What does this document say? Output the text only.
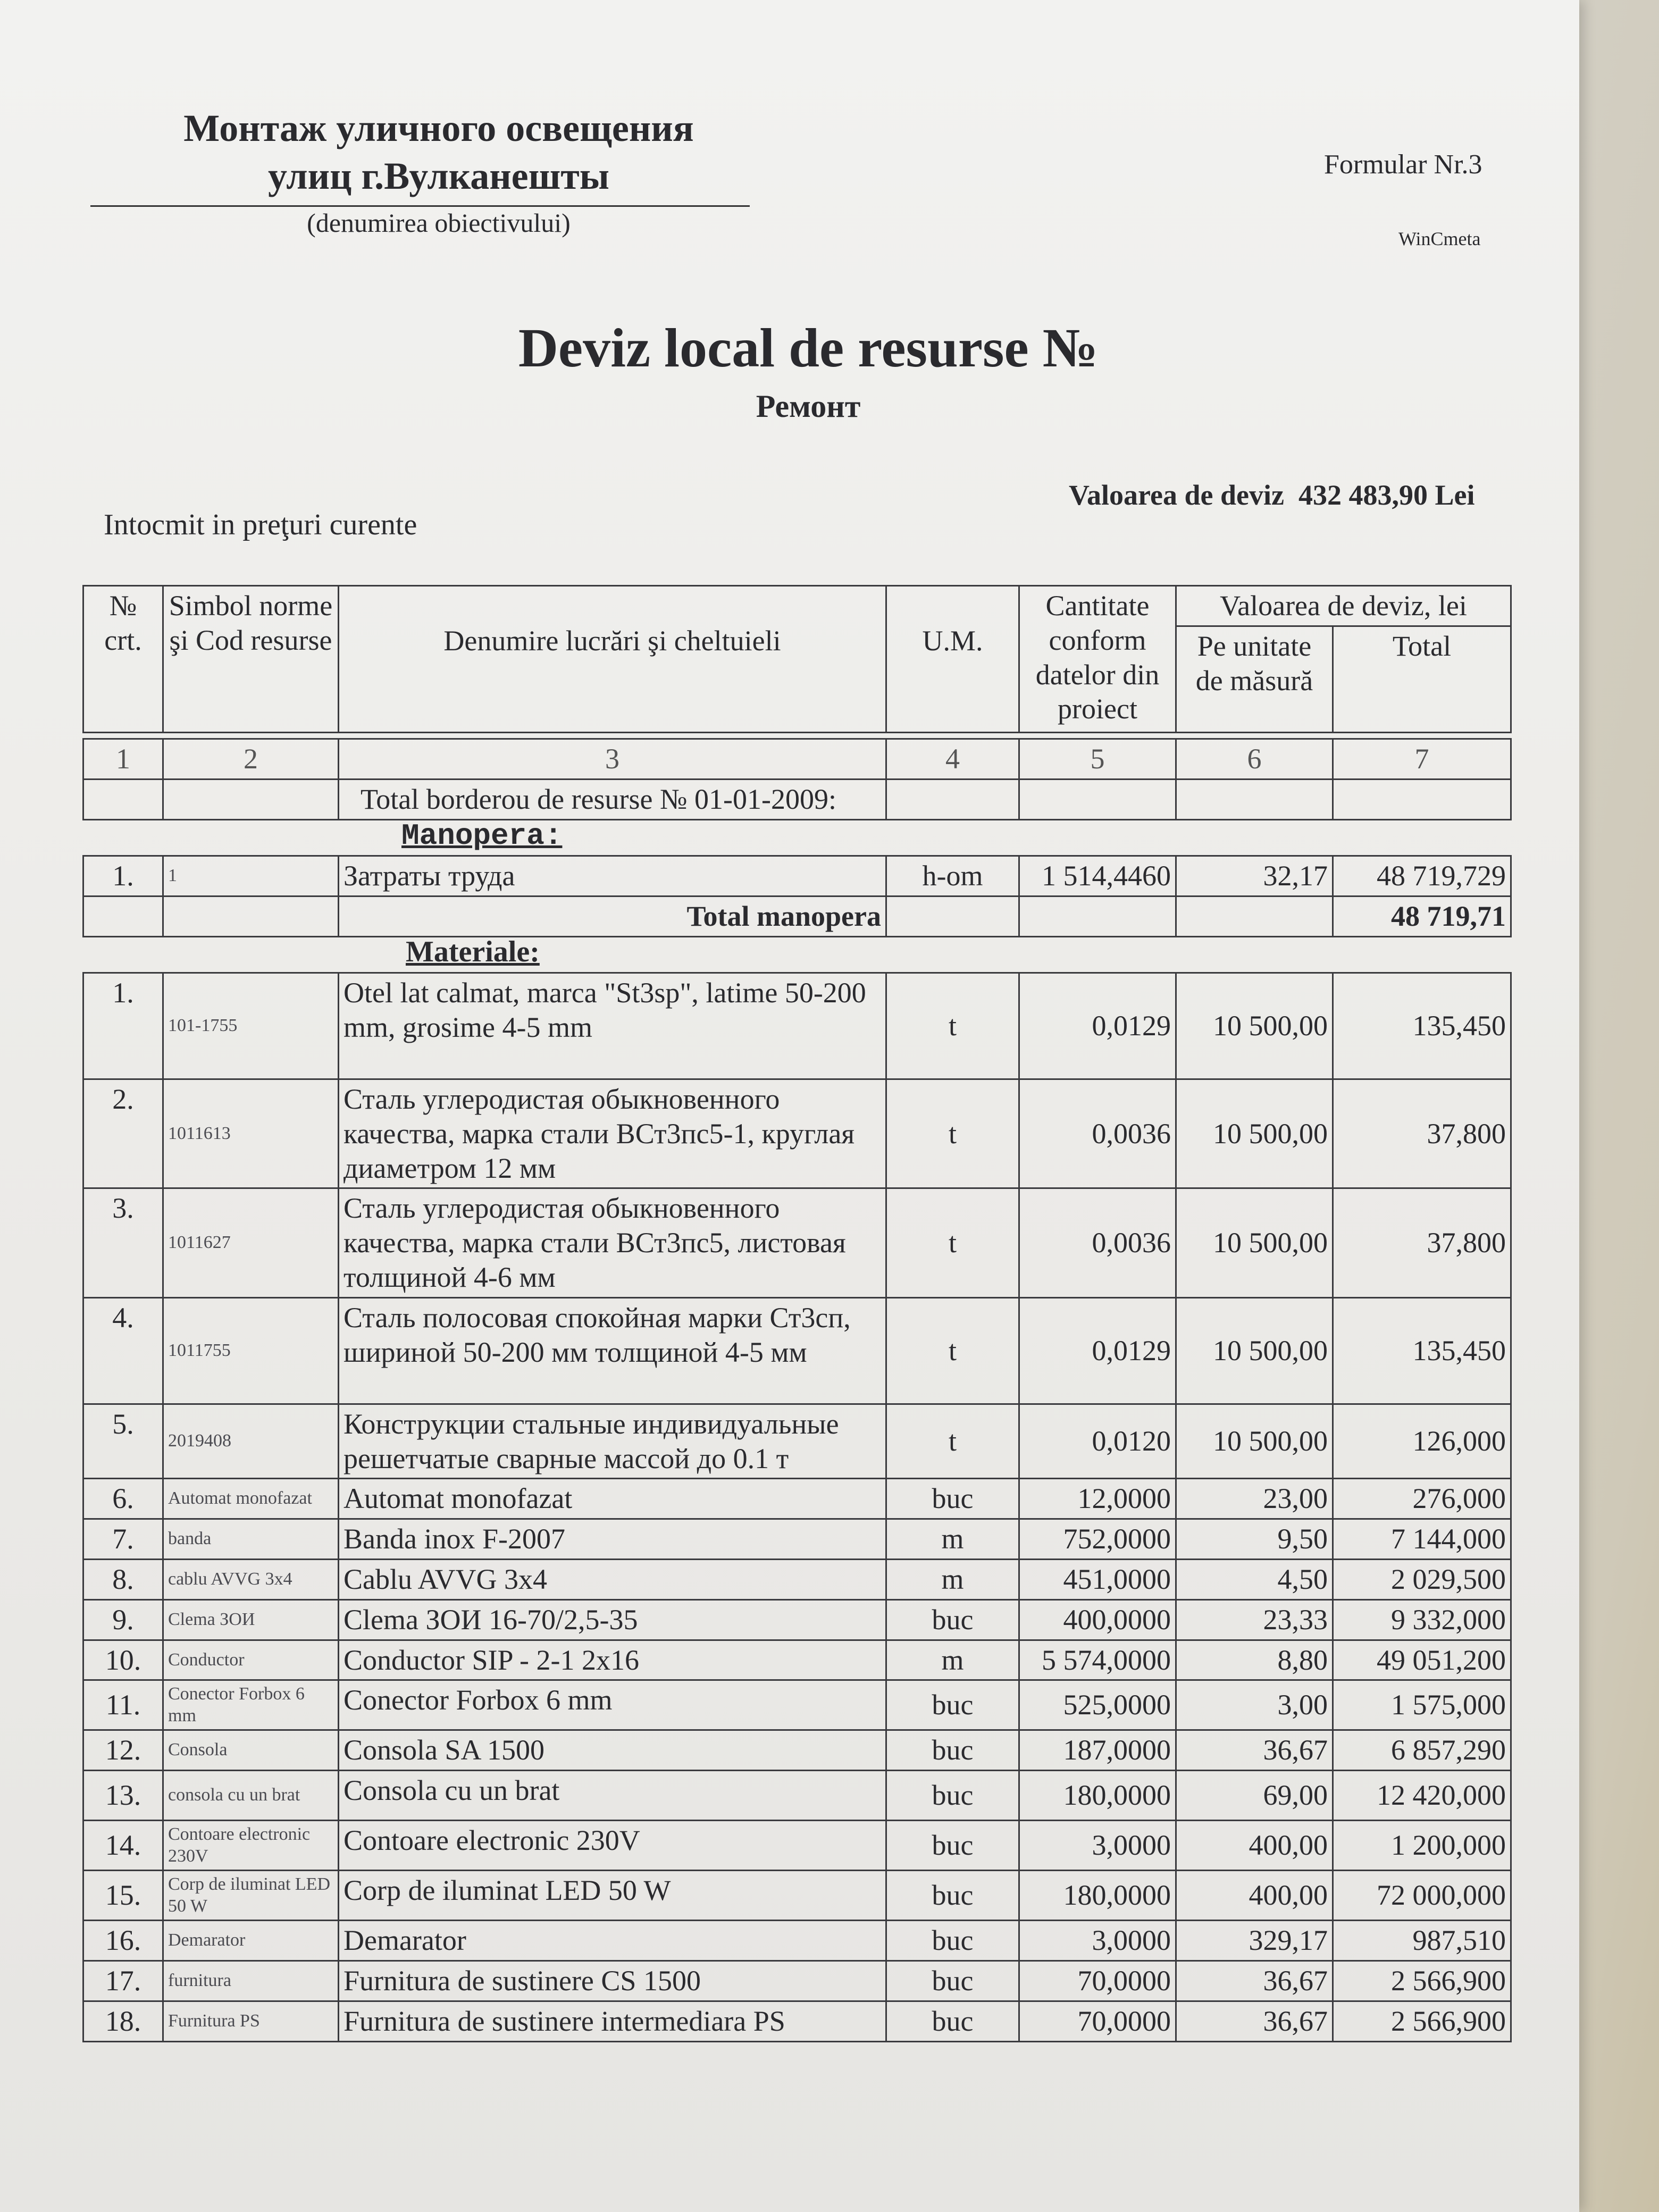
Монтаж уличного освещения
улиц г.Вулканешты
(denumirea obiectivului)
Formular Nr.3
WinCmeta
Deviz local de resurse №
Ремонт
Valoarea de deviz 432 483,90 Lei
Intocmit in preţuri curente
№ crt.	Simbol norme şi Cod resurse	Denumire lucrări şi cheltuieli	U.M.	Cantitate conform datelor din proiect	Valoarea de deviz, lei	
					Pe unitate de măsură	Total
1	2	3	4	5	6	7
		Total borderou de resurse № 01-01-2009:				
Manopera:
1.	1	Затраты труда	h-om	1 514,4460	32,17	48 719,729
		Total manopera				48 719,71
Materiale:
1.	101-1755	Otel lat calmat, marca "St3sp", latime 50-200 mm, grosime 4-5 mm	t	0,0129	10 500,00	135,450
2.	1011613	Сталь углеродистая обыкновенного качества, марка стали ВСт3пс5-1, круглая диаметром 12 мм	t	0,0036	10 500,00	37,800
3.	1011627	Сталь углеродистая обыкновенного качества, марка стали ВСт3пс5, листовая толщиной 4-6 мм	t	0,0036	10 500,00	37,800
4.	1011755	Сталь полосовая спокойная марки Ст3сп, шириной 50-200 мм толщиной 4-5 мм	t	0,0129	10 500,00	135,450
5.	2019408	Конструкции стальные индивидуальные решетчатые сварные массой до 0.1 т	t	0,0120	10 500,00	126,000
6.	Automat monofazat	Automat monofazat	buc	12,0000	23,00	276,000
7.	banda	Banda inox F-2007	m	752,0000	9,50	7 144,000
8.	cablu AVVG 3x4	Cablu AVVG 3x4	m	451,0000	4,50	2 029,500
9.	Clema ЗОИ	Clema ЗОИ 16-70/2,5-35	buc	400,0000	23,33	9 332,000
10.	Conductor	Conductor SIP - 2-1 2x16	m	5 574,0000	8,80	49 051,200
11.	Conector Forbox 6 mm	Conector Forbox 6 mm	buc	525,0000	3,00	1 575,000
12.	Consola	Consola SA 1500	buc	187,0000	36,67	6 857,290
13.	consola cu un brat	Consola cu un brat	buc	180,0000	69,00	12 420,000
14.	Contoare electronic 230V	Contoare electronic 230V	buc	3,0000	400,00	1 200,000
15.	Corp de iluminat LED 50 W	Corp de iluminat LED 50 W	buc	180,0000	400,00	72 000,000
16.	Demarator	Demarator	buc	3,0000	329,17	987,510
17.	furnitura	Furnitura de sustinere CS 1500	buc	70,0000	36,67	2 566,900
18.	Furnitura PS	Furnitura de sustinere intermediara PS	buc	70,0000	36,67	2 566,900
